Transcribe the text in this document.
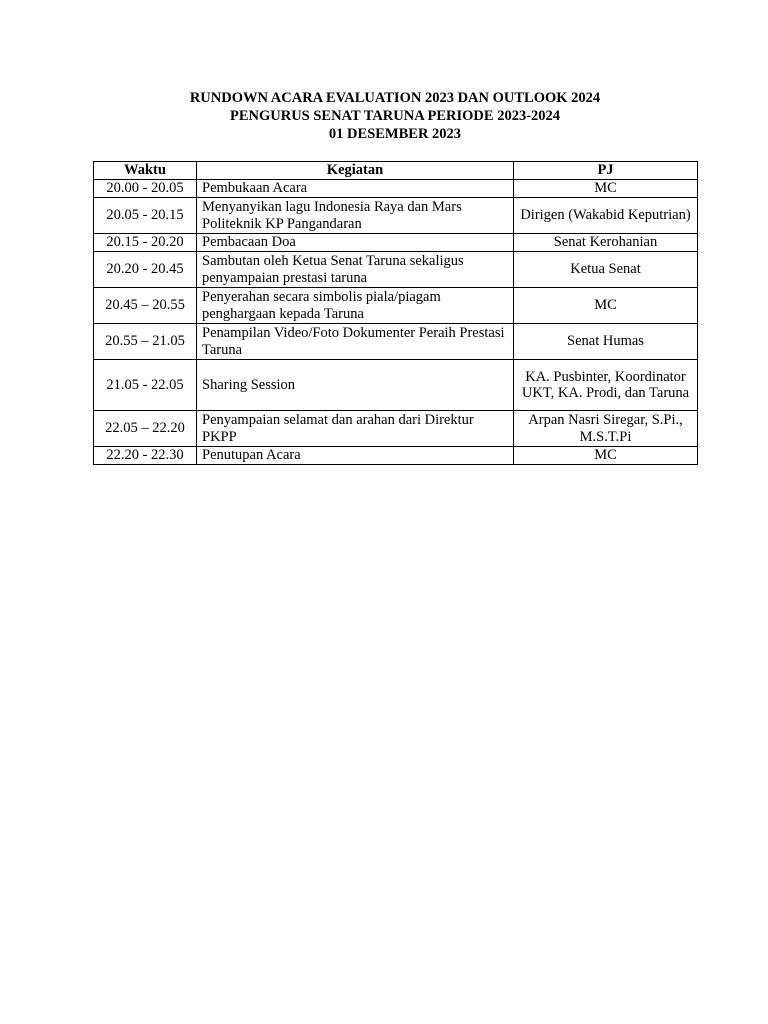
RUNDOWN ACARA EVALUATION 2023 DAN OUTLOOK 2024
PENGURUS SENAT TARUNA PERIODE 2023-2024
01 DESEMBER 2023
Waktu	Kegiatan	PJ
20.00 - 20.05	Pembukaan Acara	MC
20.05 - 20.15	Menyanyikan lagu Indonesia Raya dan Mars Politeknik KP Pangandaran	Dirigen (Wakabid Keputrian)
20.15 - 20.20	Pembacaan Doa	Senat Kerohanian
20.20 - 20.45	Sambutan oleh Ketua Senat Taruna sekaligus penyampaian prestasi taruna	Ketua Senat
20.45 – 20.55	Penyerahan secara simbolis piala/piagam penghargaan kepada Taruna	MC
20.55 – 21.05	Penampilan Video/Foto Dokumenter Peraih Prestasi Taruna	Senat Humas
21.05 - 22.05	Sharing Session	KA. Pusbinter, Koordinator UKT, KA. Prodi, dan Taruna
22.05 – 22.20	Penyampaian selamat dan arahan dari Direktur PKPP	Arpan Nasri Siregar, S.Pi., M.S.T.Pi
22.20 - 22.30	Penutupan Acara	MC
